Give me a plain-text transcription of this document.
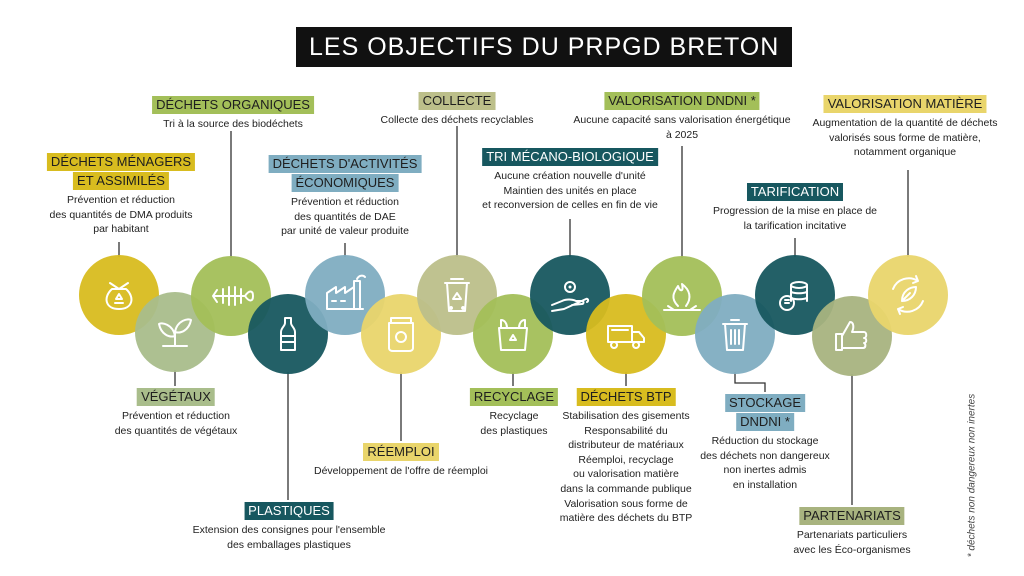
LES OBJECTIFS DU PRPGD BRETON
DÉCHETS MÉNAGERS
ET ASSIMILÉS
Prévention et réduction
des quantités de DMA produits
par habitant
VÉGÉTAUX
Prévention et réduction
des quantités de végétaux
DÉCHETS ORGANIQUES
Tri à la source des biodéchets
PLASTIQUES
Extension des consignes pour l'ensemble
des emballages plastiques
DÉCHETS D'ACTIVITÉS
ÉCONOMIQUES
Prévention et réduction
des quantités de DAE
par unité de valeur produite
RÉEMPLOI
Développement de l'offre de réemploi
COLLECTE
Collecte des déchets recyclables
RECYCLAGE
Recyclage
des plastiques
TRI MÉCANO-BIOLOGIQUE
Aucune création nouvelle d'unité
Maintien des unités en place
et reconversion de celles en fin de vie
DÉCHETS BTP
Stabilisation des gisements
Responsabilité du
distributeur de matériaux
Réemploi, recyclage
ou valorisation matière
dans la commande publique
Valorisation sous forme de
matière des déchets du BTP
VALORISATION DNDNI *
Aucune capacité sans valorisation énergétique
à 2025
STOCKAGE
DNDNI *
Réduction du stockage
des déchets non dangereux
non inertes admis
en installation
TARIFICATION
Progression de la mise en place de
la tarification incitative
PARTENARIATS
Partenariats particuliers
avec les Éco-organismes
VALORISATION MATIÈRE
Augmentation de la quantité de déchets
valorisés sous forme de matière,
notamment organique
* déchets non dangereux non inertes
